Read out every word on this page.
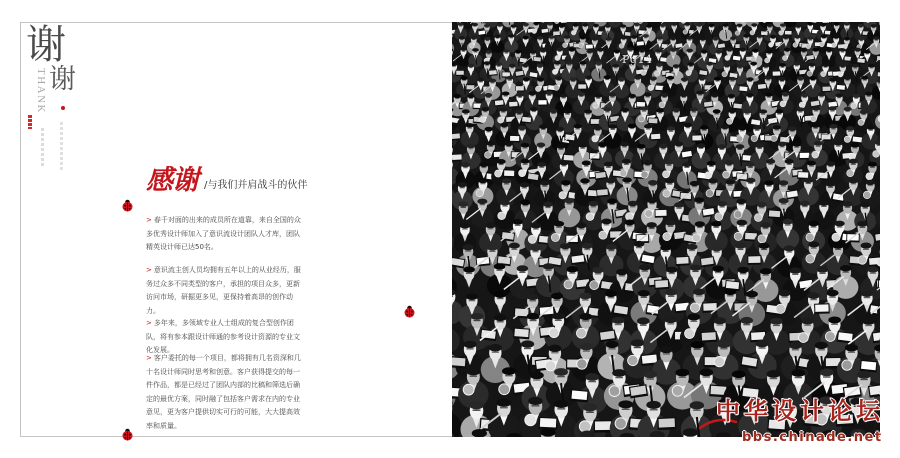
谢
谢
THANK
感谢 /与我们并肩战斗的伙伴

> 春千对面的出来的成员所在道靠，来自全国的众多优秀设计师加入了意识流设计团队人才库，团队精英设计师已达50名。

> 意识流主创人员均拥有五年以上的从业经历，服务过众多不同类型的客户，承担的项目众多，更新访问市场，研掘更多见，更保持着高昂的创作动力。

> 多年来，多领域专业人士组成的复合型创作团队，将有参本跟设计师通的参考设计资源的专业文化发展。

> 客户委托的每一个项目，都将拥有几名资深和几十名设计师同时思考和创意。客户获得提交的每一件作品，都是已经过了团队内部的比稿和筛选后确定的最优方案，同时融了包括客户需求在内的专业意见，更为客户提供切实可行的可能，大大提高效率和质量。

Pg14
中华设计论坛
bbs.chinade.net
